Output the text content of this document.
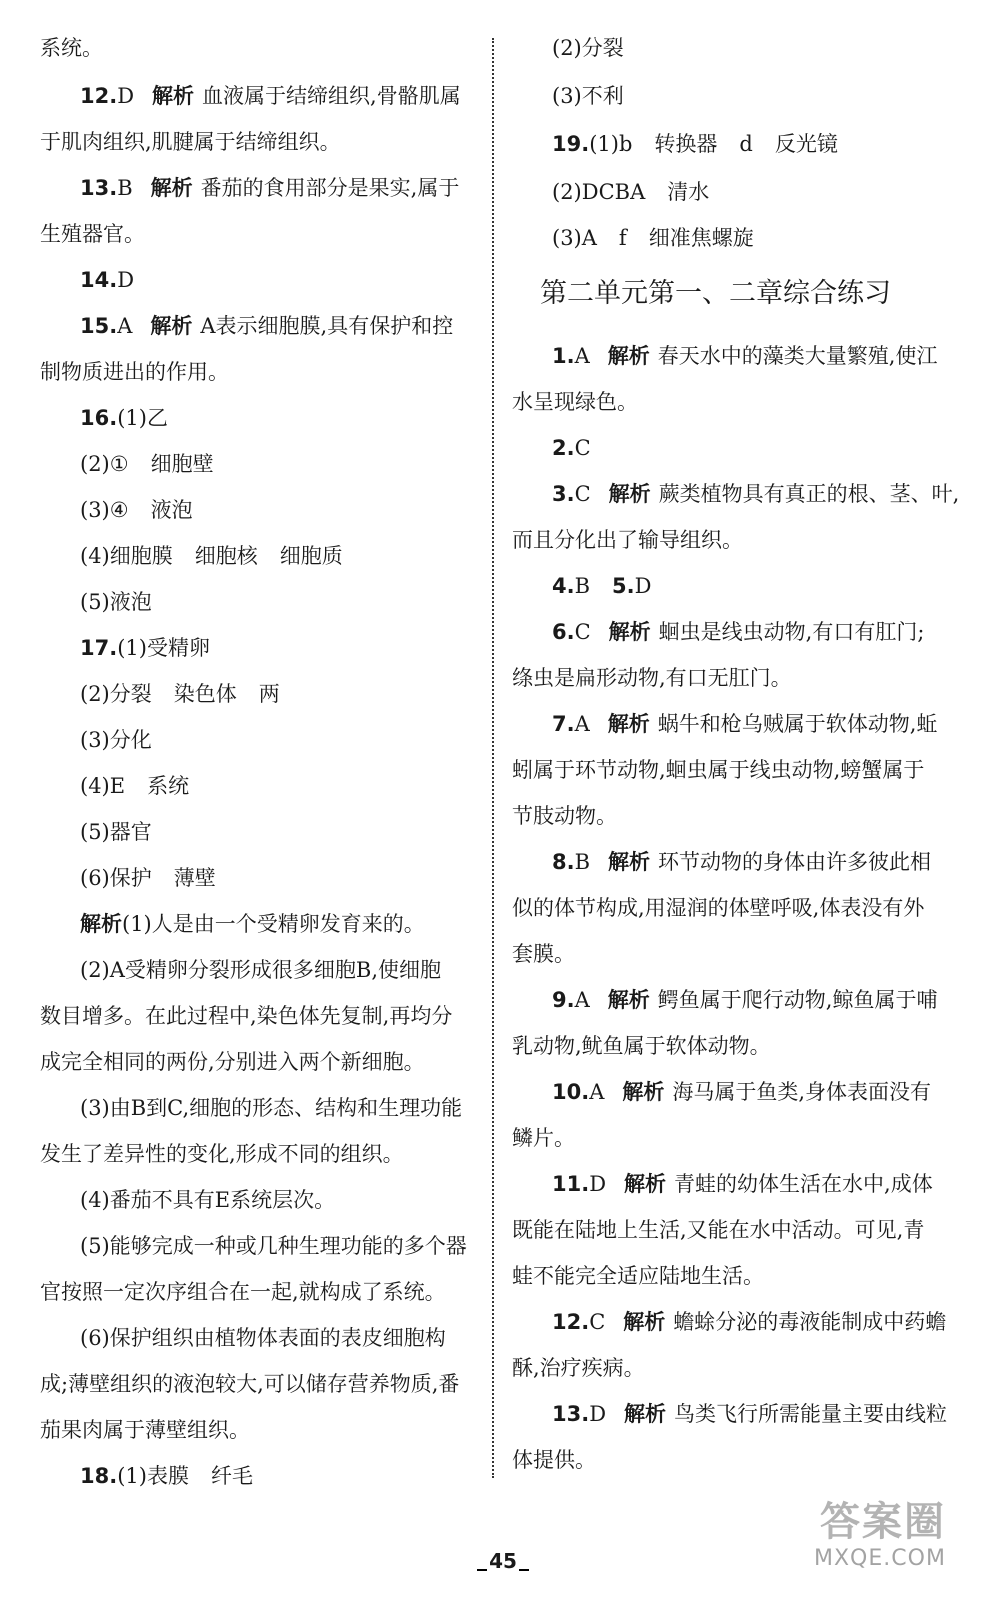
系统。
12.D 解析 血液属于结缔组织,骨骼肌属
于肌肉组织,肌腱属于结缔组织。
13.B 解析 番茄的食用部分是果实,属于
生殖器官。
14.D
15.A 解析 A表示细胞膜,具有保护和控
制物质进出的作用。
16.(1)乙
(2)① 细胞壁
(3)④ 液泡
(4)细胞膜 细胞核 细胞质
(5)液泡
17.(1)受精卵
(2)分裂 染色体 两
(3)分化
(4)E 系统
(5)器官
(6)保护 薄壁
解析(1)人是由一个受精卵发育来的。
(2)A受精卵分裂形成很多细胞B,使细胞
数目增多。在此过程中,染色体先复制,再均分
成完全相同的两份,分别进入两个新细胞。
(3)由B到C,细胞的形态、结构和生理功能
发生了差异性的变化,形成不同的组织。
(4)番茄不具有E系统层次。
(5)能够完成一种或几种生理功能的多个器
官按照一定次序组合在一起,就构成了系统。
(6)保护组织由植物体表面的表皮细胞构
成;薄壁组织的液泡较大,可以储存营养物质,番
茄果肉属于薄壁组织。
18.(1)表膜 纤毛
(2)分裂
(3)不利
19.(1)b 转换器 d 反光镜
(2)DCBA 清水
(3)A f 细准焦螺旋
第二单元第一、二章综合练习
1.A 解析 春天水中的藻类大量繁殖,使江
水呈现绿色。
2.C
3.C 解析 蕨类植物具有真正的根、茎、叶,
而且分化出了输导组织。
4.B 5.D
6.C 解析 蛔虫是线虫动物,有口有肛门;
绦虫是扁形动物,有口无肛门。
7.A 解析 蜗牛和枪乌贼属于软体动物,蚯
蚓属于环节动物,蛔虫属于线虫动物,螃蟹属于
节肢动物。
8.B 解析 环节动物的身体由许多彼此相
似的体节构成,用湿润的体壁呼吸,体表没有外
套膜。
9.A 解析 鳄鱼属于爬行动物,鲸鱼属于哺
乳动物,鱿鱼属于软体动物。
10.A 解析 海马属于鱼类,身体表面没有
鳞片。
11.D 解析 青蛙的幼体生活在水中,成体
既能在陆地上生活,又能在水中活动。可见,青
蛙不能完全适应陆地生活。
12.C 解析 蟾蜍分泌的毒液能制成中药蟾
酥,治疗疾病。
13.D 解析 鸟类飞行所需能量主要由线粒
体提供。
45
答案圈
MXQE.COM
